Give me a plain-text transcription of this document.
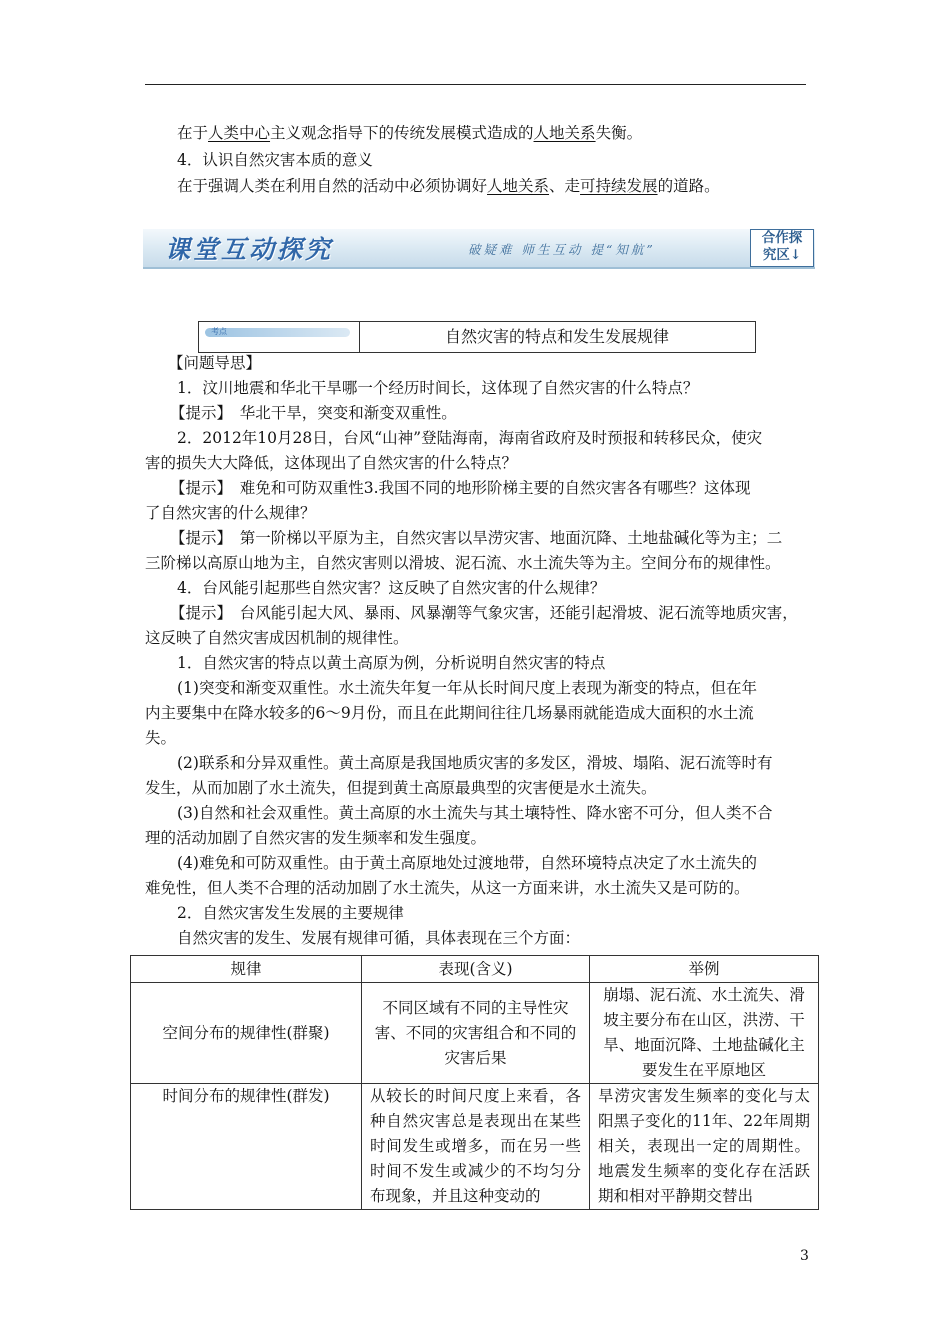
在于人类中心主义观念指导下的传统发展模式造成的人地关系失衡。
4．认识自然灾害本质的意义
在于强调人类在利用自然的活动中必须协调好人地关系、走可持续发展的道路。
课堂互动探究	破疑难 师生互动 提“知航”
合作探
究区↓
考点	自然灾害的特点和发生发展规律
【问题导思】
1．汶川地震和华北干旱哪一个经历时间长，这体现了自然灾害的什么特点？
【提示】　华北干旱，突变和渐变双重性。
2．2012年10月28日，台风“山神”登陆海南，海南省政府及时预报和转移民众，使灾
害的损失大大降低，这体现出了自然灾害的什么特点？
【提示】　难免和可防双重性3.我国不同的地形阶梯主要的自然灾害各有哪些？这体现
了自然灾害的什么规律？
【提示】　第一阶梯以平原为主，自然灾害以旱涝灾害、地面沉降、土地盐碱化等为主；二
三阶梯以高原山地为主，自然灾害则以滑坡、泥石流、水土流失等为主。空间分布的规律性。
4．台风能引起那些自然灾害？这反映了自然灾害的什么规律？
【提示】　台风能引起大风、暴雨、风暴潮等气象灾害，还能引起滑坡、泥石流等地质灾害，
这反映了自然灾害成因机制的规律性。
1．自然灾害的特点以黄土高原为例，分析说明自然灾害的特点
(1)突变和渐变双重性。水土流失年复一年从长时间尺度上表现为渐变的特点，但在年
内主要集中在降水较多的6～9月份，而且在此期间往往几场暴雨就能造成大面积的水土流
失。
(2)联系和分异双重性。黄土高原是我国地质灾害的多发区，滑坡、塌陷、泥石流等时有
发生，从而加剧了水土流失，但提到黄土高原最典型的灾害便是水土流失。
(3)自然和社会双重性。黄土高原的水土流失与其土壤特性、降水密不可分，但人类不合
理的活动加剧了自然灾害的发生频率和发生强度。
(4)难免和可防双重性。由于黄土高原地处过渡地带，自然环境特点决定了水土流失的
难免性，但人类不合理的活动加剧了水土流失，从这一方面来讲，水土流失又是可防的。
2．自然灾害发生发展的主要规律
自然灾害的发生、发展有规律可循，具体表现在三个方面：
规律	表现(含义)	举例
空间分布的规律性(群聚)	不同区域有不同的主导性灾害、不同的灾害组合和不同的灾害后果	崩塌、泥石流、水土流失、滑坡主要分布在山区，洪涝、干旱、地面沉降、土地盐碱化主要发生在平原地区
时间分布的规律性(群发)	从较长的时间尺度上来看，各种自然灾害总是表现出在某些时间发生或增多，而在另一些时间不发生或减少的不均匀分布现象，并且这种变动的	旱涝灾害发生频率的变化与太阳黑子变化的11年、22年周期相关，表现出一定的周期性。地震发生频率的变化存在活跃期和相对平静期交替出
3
